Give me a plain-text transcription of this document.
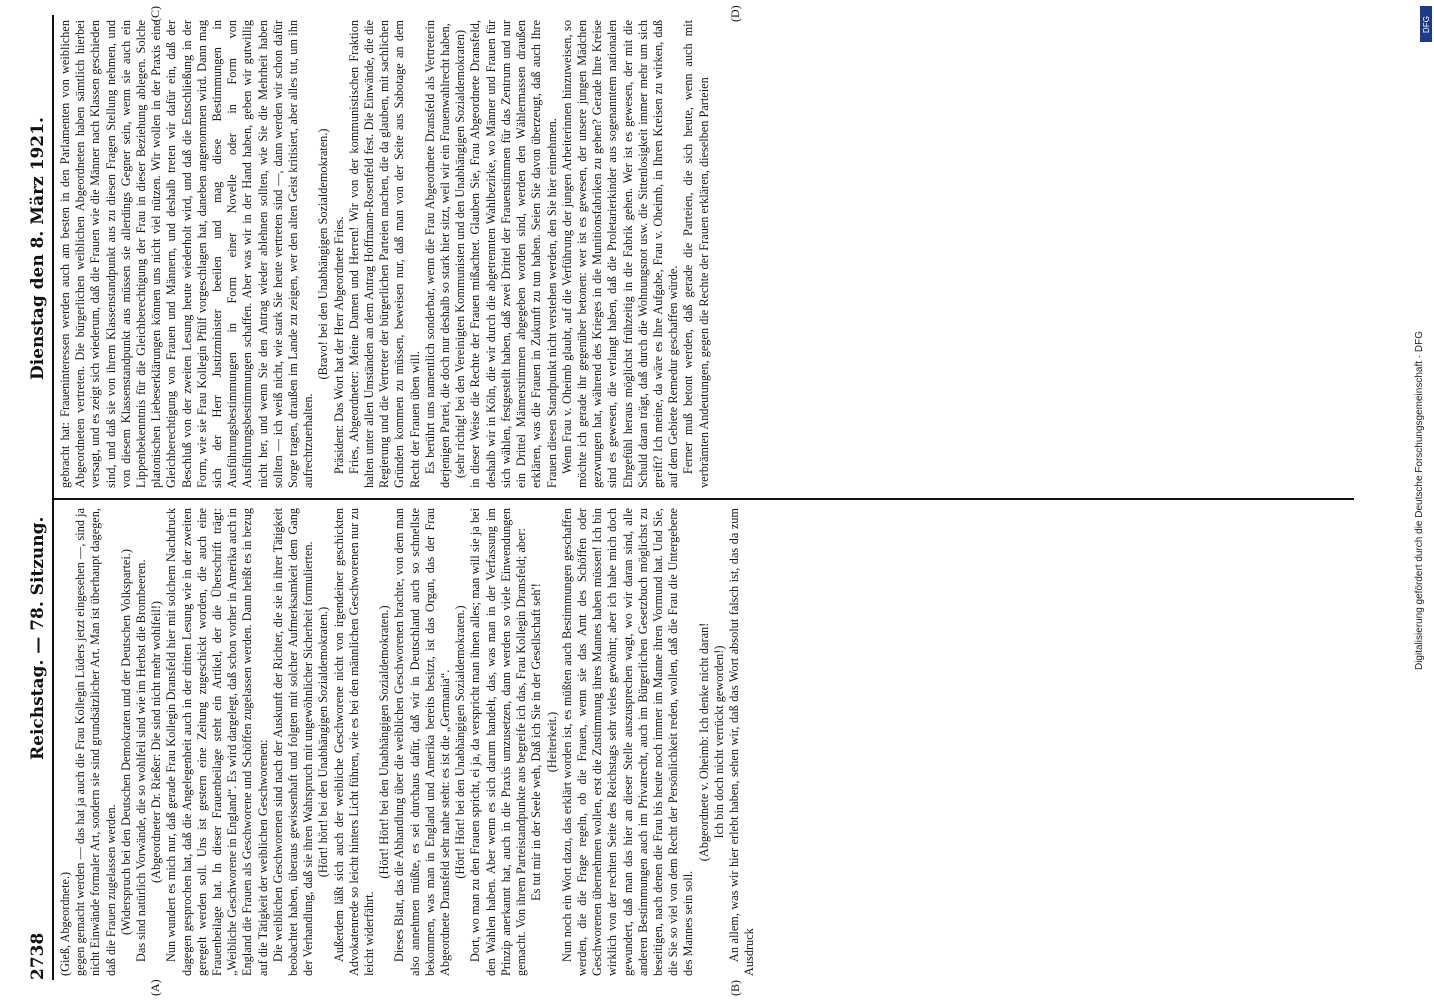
2738
Reichstag. — 78. Sitzung.
Dienstag den 8. März 1921.
(A)	(B)
(C)	(D)

(Gieß, Abgeordnete.) gegen gemacht werden — das hat ja auch die Frau Kollegin Lüders jetzt eingesehen —, sind ja nicht Einwände formaler Art, sondern sie sind grundsätzlicher Art. Man ist überhaupt dagegen, daß die Frauen zugelassen werden. (Widerspruch bei den Deutschen Demokraten und der Deutschen Volkspartei.) Das sind natürlich Vorwände, die so wohlfeil sind wie im Herbst die Brombeeren. (Abgeordneter Dr. Rießer: Die sind nicht mehr wohlfeil!) Nun wundert es mich nur, daß gerade Frau Kollegin Dransfeld hier mit solchem Nachdruck dagegen gesprochen hat, daß die Angelegenheit auch in der dritten Lesung wie in der zweiten geregelt werden soll. Uns ist gestern eine Zeitung zugeschickt worden, die auch eine Frauenbeilage hat. In dieser Frauenbeilage steht ein Artikel, der die Überschrift trägt: „Weibliche Geschworene in England“. Es wird dargelegt, daß schon vorher in Amerika auch in England die Frauen als Geschworene und Schöffen zugelassen werden. Dann heißt es in bezug auf die Tätigkeit der weiblichen Geschworenen: Die weiblichen Geschworenen sind nach der Auskunft der Richter, die sie in ihrer Tätigkeit beobachtet haben, überaus gewissenhaft und folgten mit solcher Aufmerksamkeit dem Gang der Verhandlung, daß sie ihren Wahrspruch mit ungewöhnlicher Sicherheit formulierten. (Hört! hört! bei den Unabhängigen Sozialdemokraten.) Außerdem läßt sich auch der weibliche Geschworene nicht von irgendeiner geschickten Advokatenrede so leicht hinters Licht führen, wie es bei den männlichen Geschworenen nur zu leicht widerfährt.

(Hört! Hört! bei den Unabhängigen Sozialdemokraten.) Dieses Blatt, das die Abhandlung über die weiblichen Geschworenen brachte, von dem man also annehmen müßte, es sei durchaus dafür, daß wir in Deutschland auch so schnellste bekommen, was man in England und Amerika bereits besitzt, ist das Organ, das der Frau Abgeordnete Dransfeld sehr nahe steht: es ist die „Germania“. (Hört! Hört! bei den Unabhängigen Sozialdemokraten.) Dort, wo man zu den Frauen spricht, ei ja, da verspricht man ihnen alles; man will sie ja bei den Wahlen haben. Aber wenn es sich darum handelt, das, was man in der Verfassung im Prinzip anerkannt hat, auch in die Praxis umzusetzen, dann werden so viele Einwendungen gemacht. Von ihrem Parteistandpunkte aus begreife ich das, Frau Kollegin Dransfeld; aber: Es tut mir in der Seele weh, Daß ich Sie in der Gesellschaft seh'! (Heiterkeit.) Nun noch ein Wort dazu, das erklärt worden ist, es müßten auch Bestimmungen geschaffen werden, die die Frage regeln, ob die Frauen, wenn sie das Amt des Schöffen oder Geschworenen übernehmen wollen, erst die Zustimmung ihres Mannes haben müssen! Ich bin wirklich von der rechten Seite des Reichstags sehr vieles gewöhnt; aber ich habe mich doch gewundert, daß man das hier an dieser Stelle auszusprechen wagt, wo wir daran sind, alle anderen Bestimmungen auch im Privatrecht, auch im Bürgerlichen Gesetzbuch möglichst zu beseitigen, nach denen die Frau bis heute noch immer im Manne ihren Vormund hat. Und Sie, die Sie so viel von dem Recht der Persönlichkeit reden, wollen, daß die Frau die Untergebene des Mannes sein soll.

(Abgeordnete v. Oheimb: Ich denke nicht daran! Ich bin doch nicht verrückt geworden!) An allem, was wir hier erlebt haben, sehen wir, daß das Wort absolut falsch ist, das da zum Ausdruck

gebracht hat: Fraueninteressen werden auch am besten in den Parlamenten von weiblichen Abgeordneten vertreten. Die bürgerlichen weiblichen Abgeordneten haben sämtlich hierbei versagt, und es zeigt sich wiederum, daß die Frauen wie die Männer nach Klassen geschieden sind, und daß sie von ihrem Klassenstandpunkt aus zu diesen Fragen Stellung nehmen, und von diesem Klassenstandpunkt aus müssen sie allerdings Gegner sein, wenn sie auch ein Lippenbekenntnis für die Gleichberechtigung der Frau in dieser Beziehung ablegen. Solche platonischen Liebeserklärungen können uns nicht viel nützen. Wir wollen in der Praxis eine Gleichberechtigung von Frauen und Männern, und deshalb treten wir dafür ein, daß der Beschluß von der zweiten Lesung heute wiederholt wird, und daß die Entschließung in der Form, wie sie Frau Kollegin Pfülf vorgeschlagen hat, daneben angenommen wird. Dann mag sich der Herr Justizminister beeilen und mag diese Bestimmungen in Ausführungsbestimmungen in Form einer Novelle oder in Form von Ausführungsbestimmungen schaffen. Aber was wir in der Hand haben, geben wir gutwillig nicht her, und wenn Sie den Antrag wieder ablehnen sollten, wie Sie die Mehrheit haben sollten — ich weiß nicht, wie stark Sie heute vertreten sind —, dann werden wir schon dafür Sorge tragen, draußen im Lande zu zeigen, wer den alten Geist kritisiert, aber alles tut, um ihn aufrechtzuerhalten.

(Bravo! bei den Unabhängigen Sozialdemokraten.) Präsident: Das Wort hat der Herr Abgeordnete Fries. Fries, Abgeordneter: Meine Damen und Herren! Wir von der kommunistischen Fraktion halten unter allen Umständen an dem Antrag Hoffmann-Rosenfeld fest. Die Einwände, die die Regierung und die Vertreter der bürgerlichen Parteien machen, die da glauben, mit sachlichen Gründen kommen zu müssen, beweisen nur, daß man von der Seite aus Sabotage an dem Recht der Frauen üben will. Es berührt uns namentlich sonderbar, wenn die Frau Abgeordnete Dransfeld als Vertreterin derjenigen Partei, die doch nur deshalb so stark hier sitzt, weil wir ein Frauenwahlrecht haben, (sehr richtig! bei den Vereinigten Kommunisten und den Unabhängigen Sozialdemokraten) in dieser Weise die Rechte der Frauen mißachtet. Glauben Sie, Frau Abgeordnete Dransfeld, deshalb wir in Köln, die wir durch die abgetrennten Wahlbezirke, wo Männer und Frauen für sich wählen, festgestellt haben, daß zwei Drittel der Frauenstimmen für das Zentrum und nur ein Drittel Männerstimmen abgegeben worden sind, werden den Wählermassen draußen erklären, was die Frauen in Zukunft zu tun haben. Seien Sie davon überzeugt, daß auch Ihre Frauen diesen Standpunkt nicht verstehen werden, den Sie hier einnehmen. Wenn Frau v. Oheimb glaubt, auf die Verführung der jungen Arbeiterinnen hinzuweisen, so möchte ich gerade ihr gegenüber betonen: wer ist es gewesen, der unsere jungen Mädchen gezwungen hat, während des Krieges in die Munitionsfabriken zu gehen? Gerade Ihre Kreise sind es gewesen, die verlangt haben, daß die Proletarierkinder aus sogenanntem nationalen Ehrgefühl heraus möglichst frühzeitig in die Fabrik gehen. Wer ist es gewesen, der mit die Schuld daran trägt, daß durch die Wohnungsnot usw. die Sittenlosigkeit immer mehr um sich greift? Ich meine, da wäre es Ihre Aufgabe, Frau v. Oheimb, in Ihren Kreisen zu wirken, daß auf dem Gebiete Remedur geschaffen würde. Ferner muß betont werden, daß gerade die Parteien, die sich heute, wenn auch mit verbrämten Andeutungen, gegen die Rechte der Frauen erklären, dieselben Parteien

Digitalisierung gefördert durch die Deutsche Forschungsgemeinschaft · DFG
DFG
